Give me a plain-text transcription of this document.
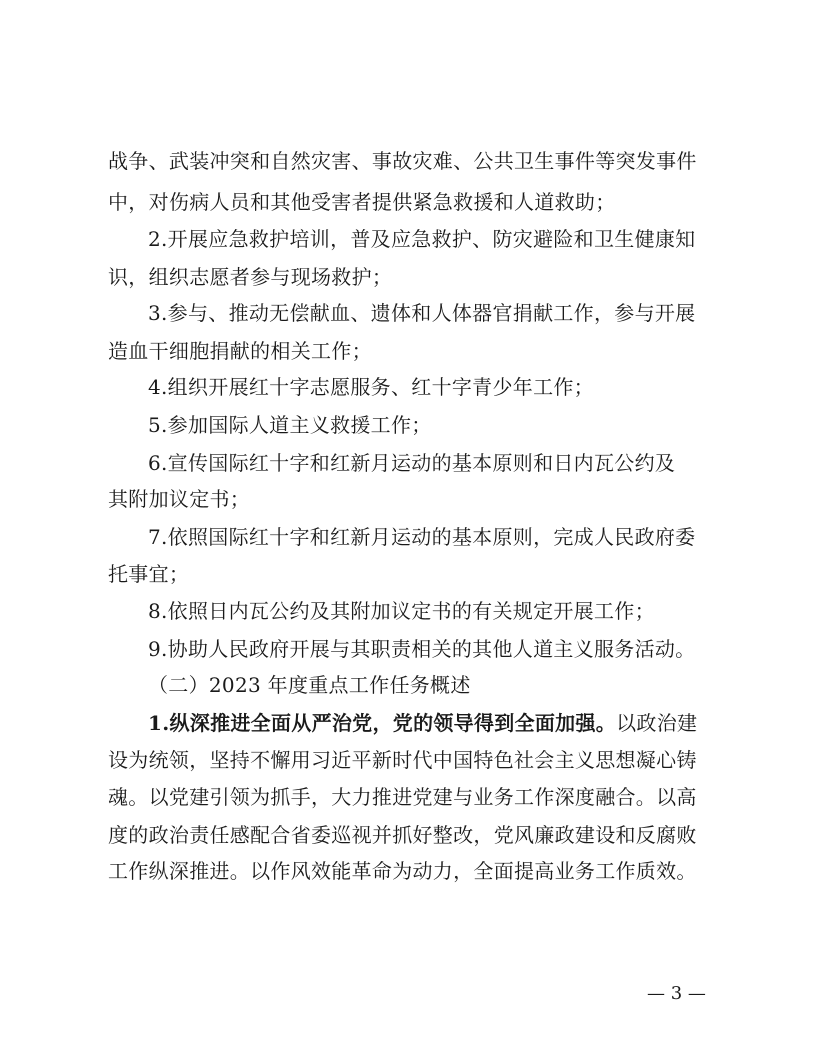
战争、武装冲突和自然灾害、事故灾难、公共卫生事件等突发事件
中，对伤病人员和其他受害者提供紧急救援和人道救助；
2.开展应急救护培训，普及应急救护、防灾避险和卫生健康知
识，组织志愿者参与现场救护；
3.参与、推动无偿献血、遗体和人体器官捐献工作，参与开展
造血干细胞捐献的相关工作；
4.组织开展红十字志愿服务、红十字青少年工作；
5.参加国际人道主义救援工作；
6.宣传国际红十字和红新月运动的基本原则和日内瓦公约及
其附加议定书；
7.依照国际红十字和红新月运动的基本原则，完成人民政府委
托事宜；
8.依照日内瓦公约及其附加议定书的有关规定开展工作；
9.协助人民政府开展与其职责相关的其他人道主义服务活动。
（二）2023 年度重点工作任务概述
1.纵深推进全面从严治党，党的领导得到全面加强。以政治建
设为统领，坚持不懈用习近平新时代中国特色社会主义思想凝心铸
魂。以党建引领为抓手，大力推进党建与业务工作深度融合。以高
度的政治责任感配合省委巡视并抓好整改，党风廉政建设和反腐败
工作纵深推进。以作风效能革命为动力，全面提高业务工作质效。
— 3 —
